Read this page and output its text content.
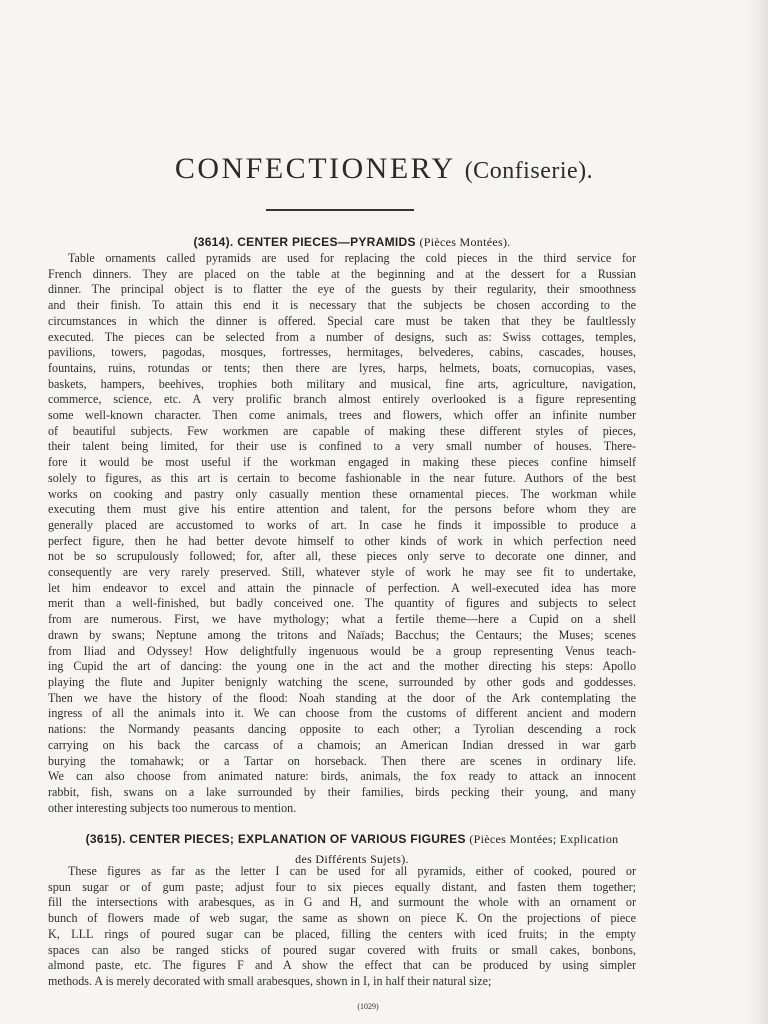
CONFECTIONERY (Confiserie).
(3614). CENTER PIECES—PYRAMIDS (Pièces Montées).
Table ornaments called pyramids are used for replacing the cold pieces in the third service for
French dinners. They are placed on the table at the beginning and at the dessert for a Russian
dinner. The principal object is to flatter the eye of the guests by their regularity, their smoothness
and their finish. To attain this end it is necessary that the subjects be chosen according to the
circumstances in which the dinner is offered. Special care must be taken that they be faultlessly
executed. The pieces can be selected from a number of designs, such as: Swiss cottages, temples,
pavilions, towers, pagodas, mosques, fortresses, hermitages, belvederes, cabins, cascades, houses,
fountains, ruins, rotundas or tents; then there are lyres, harps, helmets, boats, cornucopias, vases,
baskets, hampers, beehives, trophies both military and musical, fine arts, agriculture, navigation,
commerce, science, etc. A very prolific branch almost entirely overlooked is a figure representing
some well-known character. Then come animals, trees and flowers, which offer an infinite number
of beautiful subjects. Few workmen are capable of making these different styles of pieces,
their talent being limited, for their use is confined to a very small number of houses. There-
fore it would be most useful if the workman engaged in making these pieces confine himself
solely to figures, as this art is certain to become fashionable in the near future. Authors of the best
works on cooking and pastry only casually mention these ornamental pieces. The workman while
executing them must give his entire attention and talent, for the persons before whom they are
generally placed are accustomed to works of art. In case he finds it impossible to produce a
perfect figure, then he had better devote himself to other kinds of work in which perfection need
not be so scrupulously followed; for, after all, these pieces only serve to decorate one dinner, and
consequently are very rarely preserved. Still, whatever style of work he may see fit to undertake,
let him endeavor to excel and attain the pinnacle of perfection. A well-executed idea has more
merit than a well-finished, but badly conceived one. The quantity of figures and subjects to select
from are numerous. First, we have mythology; what a fertile theme—here a Cupid on a shell
drawn by swans; Neptune among the tritons and Naïads; Bacchus; the Centaurs; the Muses; scenes
from Iliad and Odyssey! How delightfully ingenuous would be a group representing Venus teach-
ing Cupid the art of dancing: the young one in the act and the mother directing his steps: Apollo
playing the flute and Jupiter benignly watching the scene, surrounded by other gods and goddesses.
Then we have the history of the flood: Noah standing at the door of the Ark contemplating the
ingress of all the animals into it. We can choose from the customs of different ancient and modern
nations: the Normandy peasants dancing opposite to each other; a Tyrolian descending a rock
carrying on his back the carcass of a chamois; an American Indian dressed in war garb
burying the tomahawk; or a Tartar on horseback. Then there are scenes in ordinary life.
We can also choose from animated nature: birds, animals, the fox ready to attack an innocent
rabbit, fish, swans on a lake surrounded by their families, birds pecking their young, and many
other interesting subjects too numerous to mention.
(3615). CENTER PIECES; EXPLANATION OF VARIOUS FIGURES (Pièces Montées; Explication
des Différents Sujets).
These figures as far as the letter I can be used for all pyramids, either of cooked, poured or
spun sugar or of gum paste; adjust four to six pieces equally distant, and fasten them together;
fill the intersections with arabesques, as in G and H, and surmount the whole with an ornament or
bunch of flowers made of web sugar, the same as shown on piece K. On the projections of piece
K, LLL rings of poured sugar can be placed, filling the centers with iced fruits; in the empty
spaces can also be ranged sticks of poured sugar covered with fruits or small cakes, bonbons,
almond paste, etc. The figures F and A show the effect that can be produced by using simpler
methods. A is merely decorated with small arabesques, shown in I, in half their natural size;
(1029)
